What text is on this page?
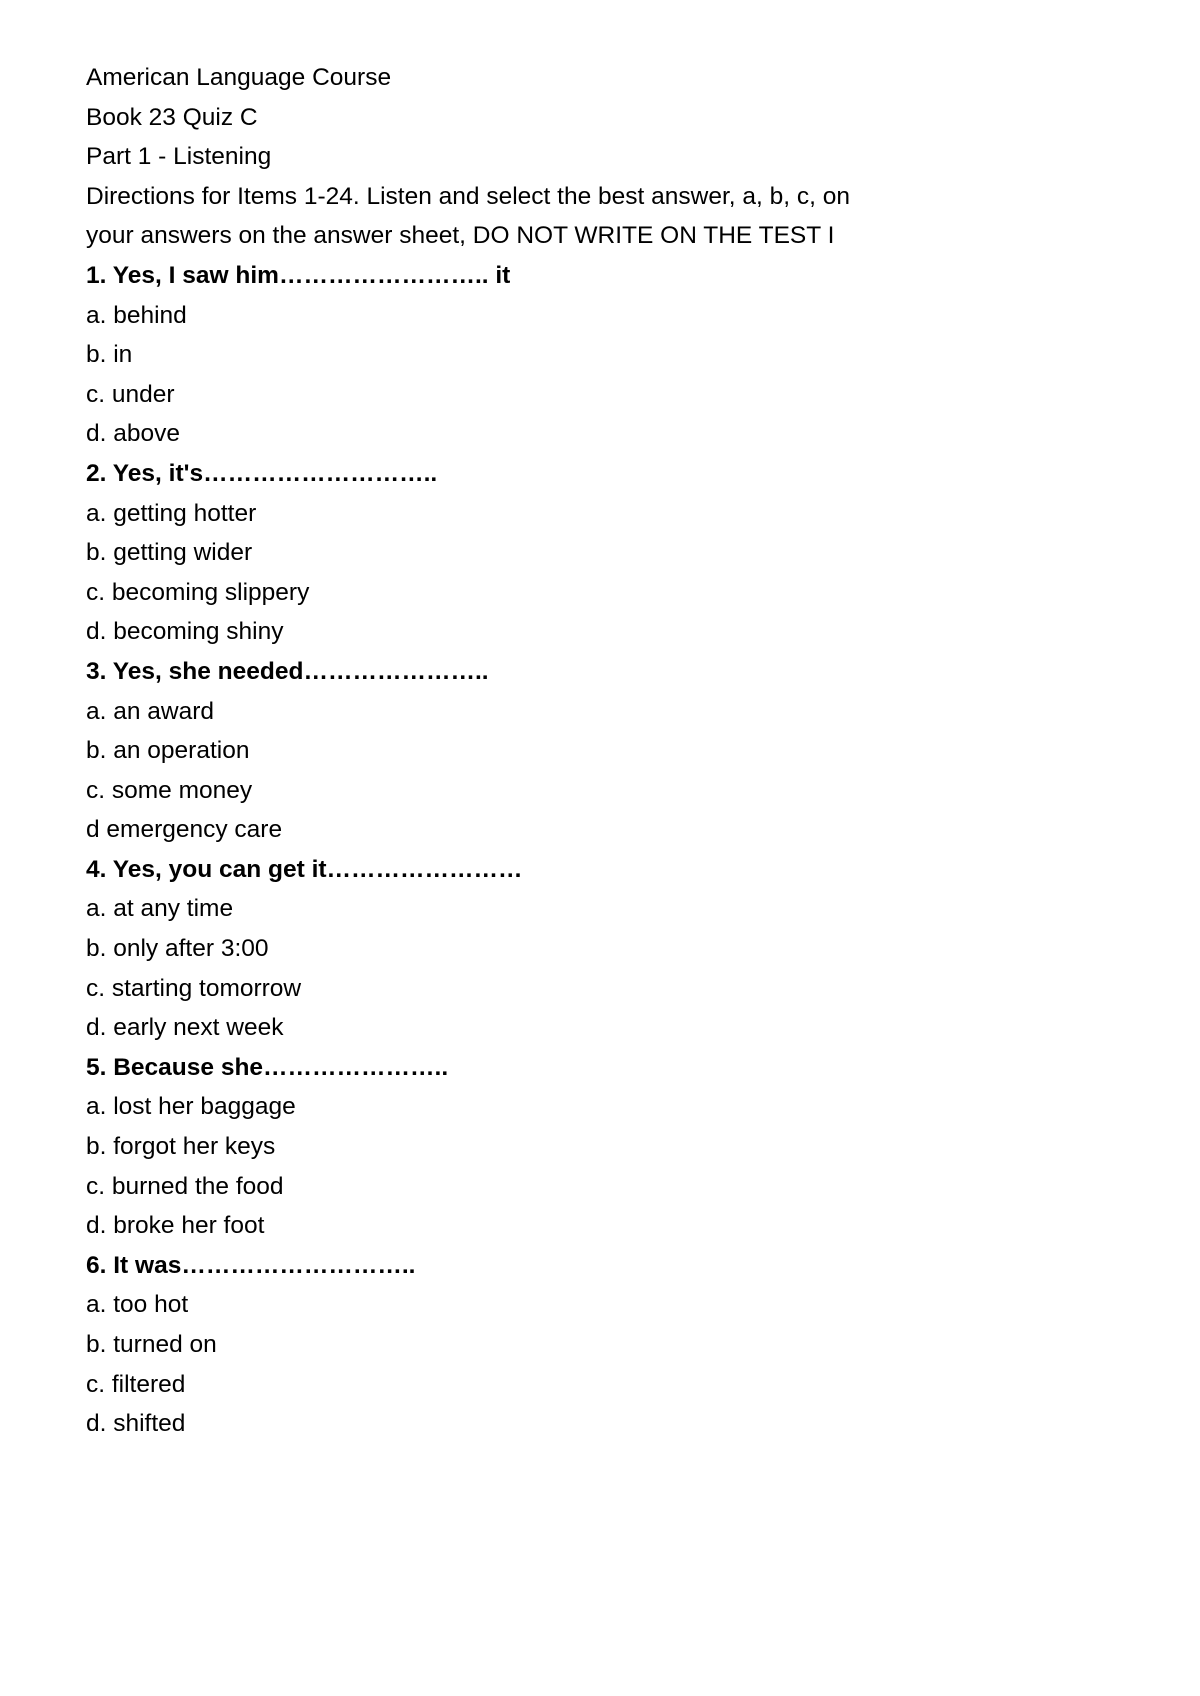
American Language Course
Book 23 Quiz C
Part 1 - Listening
Directions for Items 1-24. Listen and select the best answer, a, b, c, on
your answers on the answer sheet, DO NOT WRITE ON THE TEST I
1. Yes, I saw him…………………….. it
a. behind
b. in
c. under
d. above
2. Yes, it's………………………..
a. getting hotter
b. getting wider
c. becoming slippery
d. becoming shiny
3. Yes, she needed…………………..
a. an award
b. an operation
c. some money
d emergency care
4. Yes, you can get it……………………
a. at any time
b. only after 3:00
c. starting tomorrow
d. early next week
5. Because she…………………..
a. lost her baggage
b. forgot her keys
c. burned the food
d. broke her foot
6. It was………………………..
a. too hot
b. turned on
c. filtered
d. shifted
